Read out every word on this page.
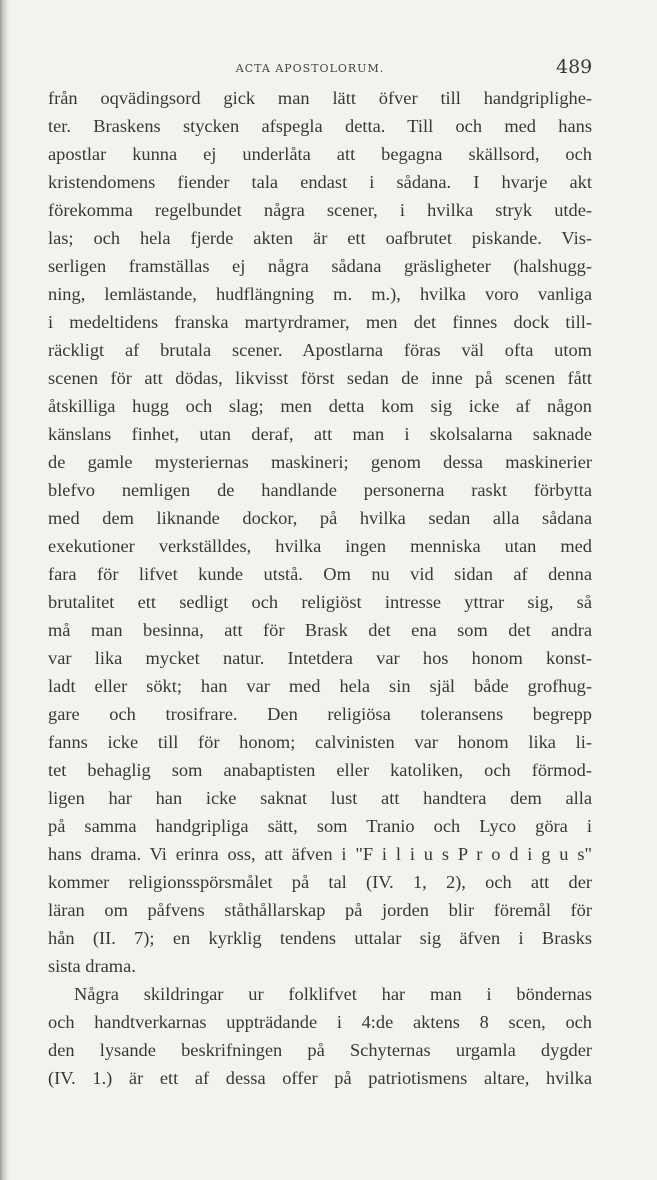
ACTA APOSTOLORUM.	489
från oqvädingsord gick man lätt öfver till handgriplighe-
ter. Braskens stycken afspegla detta. Till och med hans
apostlar kunna ej underlåta att begagna skällsord, och
kristendomens fiender tala endast i sådana. I hvarje akt
förekomma regelbundet några scener, i hvilka stryk utde-
las; och hela fjerde akten är ett oafbrutet piskande. Vis-
serligen framställas ej några sådana gräsligheter (halshugg-
ning, lemlästande, hudflängning m. m.), hvilka voro vanliga
i medeltidens franska martyrdramer, men det finnes dock till-
räckligt af brutala scener. Apostlarna föras väl ofta utom
scenen för att dödas, likvisst först sedan de inne på scenen fått
åtskilliga hugg och slag; men detta kom sig icke af någon
känslans finhet, utan deraf, att man i skolsalarna saknade
de gamle mysteriernas maskineri; genom dessa maskinerier
blefvo nemligen de handlande personerna raskt förbytta
med dem liknande dockor, på hvilka sedan alla sådana
exekutioner verkställdes, hvilka ingen menniska utan med
fara för lifvet kunde utstå. Om nu vid sidan af denna
brutalitet ett sedligt och religiöst intresse yttrar sig, så
må man besinna, att för Brask det ena som det andra
var lika mycket natur. Intetdera var hos honom konst-
ladt eller sökt; han var med hela sin själ både grofhug-
gare och trosifrare. Den religiösa toleransens begrepp
fanns icke till för honom; calvinisten var honom lika li-
tet behaglig som anabaptisten eller katoliken, och förmod-
ligen har han icke saknat lust att handtera dem alla
på samma handgripliga sätt, som Tranio och Lyco göra i
hans drama. Vi erinra oss, att äfven i "F i l i u s P r o d i g u s"
kommer religionsspörsmålet på tal (IV. 1, 2), och att der
läran om påfvens ståthållarskap på jorden blir föremål för
hån (II. 7); en kyrklig tendens uttalar sig äfven i Brasks
sista drama.
Några skildringar ur folklifvet har man i böndernas
och handtverkarnas uppträdande i 4:de aktens 8 scen, och
den lysande beskrifningen på Schyternas urgamla dygder
(IV. 1.) är ett af dessa offer på patriotismens altare, hvilka
